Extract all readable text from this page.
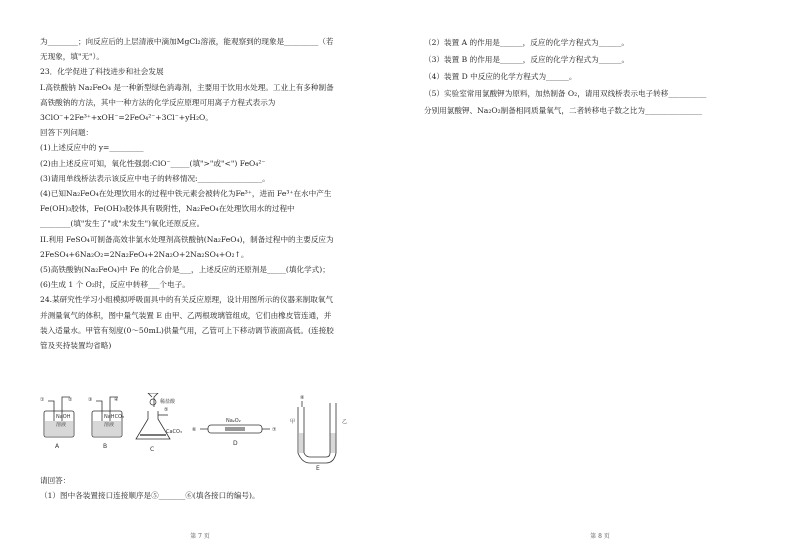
为________；向反应后的上层清液中滴加MgCl₂溶液，能观察到的现象是_________（若
无现象，填"无"）。
23．化学促进了科技进步和社会发展
I.高铁酸钠 Na₂FeO₄ 是一种新型绿色消毒剂，主要用于饮用水处理。工业上有多种制备
高铁酸钠的方法，其中一种方法的化学反应原理可用离子方程式表示为
3ClO⁻+2Fe³⁺+xOH⁻=2FeO₄²⁻+3Cl⁻+yH₂O。
回答下列问题：
(1)上述反应中的 y=_________
(2)由上述反应可知，氧化性强弱:ClO⁻_____(填">"或"<") FeO₄²⁻
(3)请用单线桥法表示该反应中电子的转移情况:_________________。
(4)已知Na₂FeO₄在处理饮用水的过程中铁元素会被转化为Fe³⁺，进而 Fe³⁺在水中产生
Fe(OH)₃胶体，Fe(OH)₃胶体具有吸附性，Na₂FeO₄在处理饮用水的过程中
________(填"发生了"或"未发生")氧化还原反应。
II.利用 FeSO₄可制备高效非氯水处理剂高铁酸钠(Na₂FeO₄)，制备过程中的主要反应为
2FeSO₄+6Na₂O₂=2Na₂FeO₄+2Na₂O+2Na₂SO₄+O₂↑。
(5)高铁酸钠(Na₂FeO₄)中 Fe 的化合价是___，上述反应的还原剂是_____(填化学式)；
(6)生成 1 个 O₂时，反应中转移___个电子。
24.某研究性学习小组模拟呼吸面具中的有关反应原理，设计用图所示的仪器来制取氧气
并测量氧气的体积，图中量气装置 E 由甲、乙两根玻璃管组成，它们由橡皮管连通，并
装入适量水。甲管有刻度(0～50mL)供量气用，乙管可上下移动调节液面高低。(连接胶
管及夹持装置均省略)
①	②
NaOH
溶液
A
③	④
NaHCO₃
溶液
B
稀盐酸
⑤
CaCO₃
C
⑥	⑦
Na₂O₂
D
⑧
甲	乙
E
请回答：
（1）图中各装置接口连接顺序是⑤_______⑥(填各接口的编号)。
第 7 页
（2）装置 A 的作用是______，反应的化学方程式为______。
（3）装置 B 的作用是______，反应的化学方程式为______。
（4）装置 D 中反应的化学方程式为______。
（5）实验室常用氯酸钾为原料，加热制备 O₂，请用双线桥表示电子转移__________
分别用氯酸钾、Na₂O₂制备相同质量氧气，二者转移电子数之比为_______________
第 8 页
